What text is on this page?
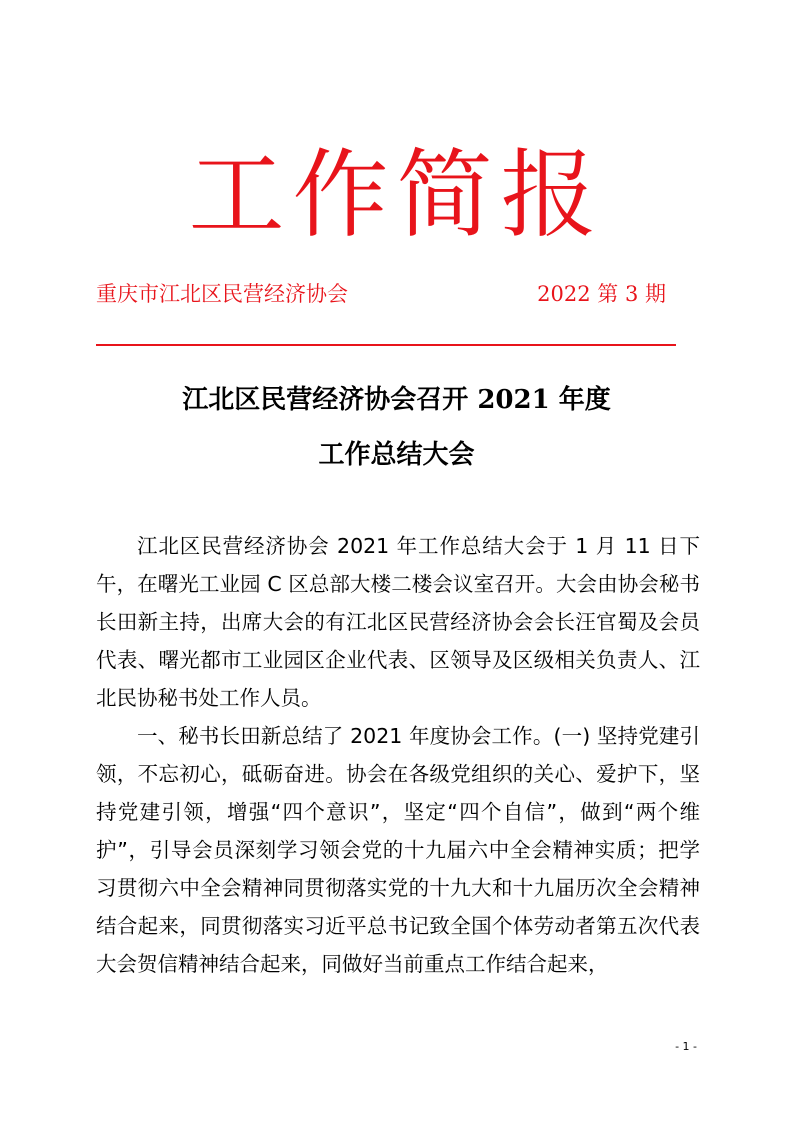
工作简报
重庆市江北区民营经济协会	2022 第 3 期
江北区民营经济协会召开 2021 年度
工作总结大会

江北区民营经济协会 2021 年工作总结大会于 1 月 11 日下午，在曙光工业园 C 区总部大楼二楼会议室召开。大会由协会秘书长田新主持，出席大会的有江北区民营经济协会会长汪官蜀及会员代表、曙光都市工业园区企业代表、区领导及区级相关负责人、江北民协秘书处工作人员。

一、秘书长田新总结了 2021 年度协会工作。(一) 坚持党建引领，不忘初心，砥砺奋进。协会在各级党组织的关心、爱护下，坚持党建引领，增强“四个意识”，坚定“四个自信”，做到“两个维护”，引导会员深刻学习领会党的十九届六中全会精神实质；把学习贯彻六中全会精神同贯彻落实党的十九大和十九届历次全会精神结合起来，同贯彻落实习近平总书记致全国个体劳动者第五次代表大会贺信精神结合起来，同做好当前重点工作结合起来，

- 1 -
